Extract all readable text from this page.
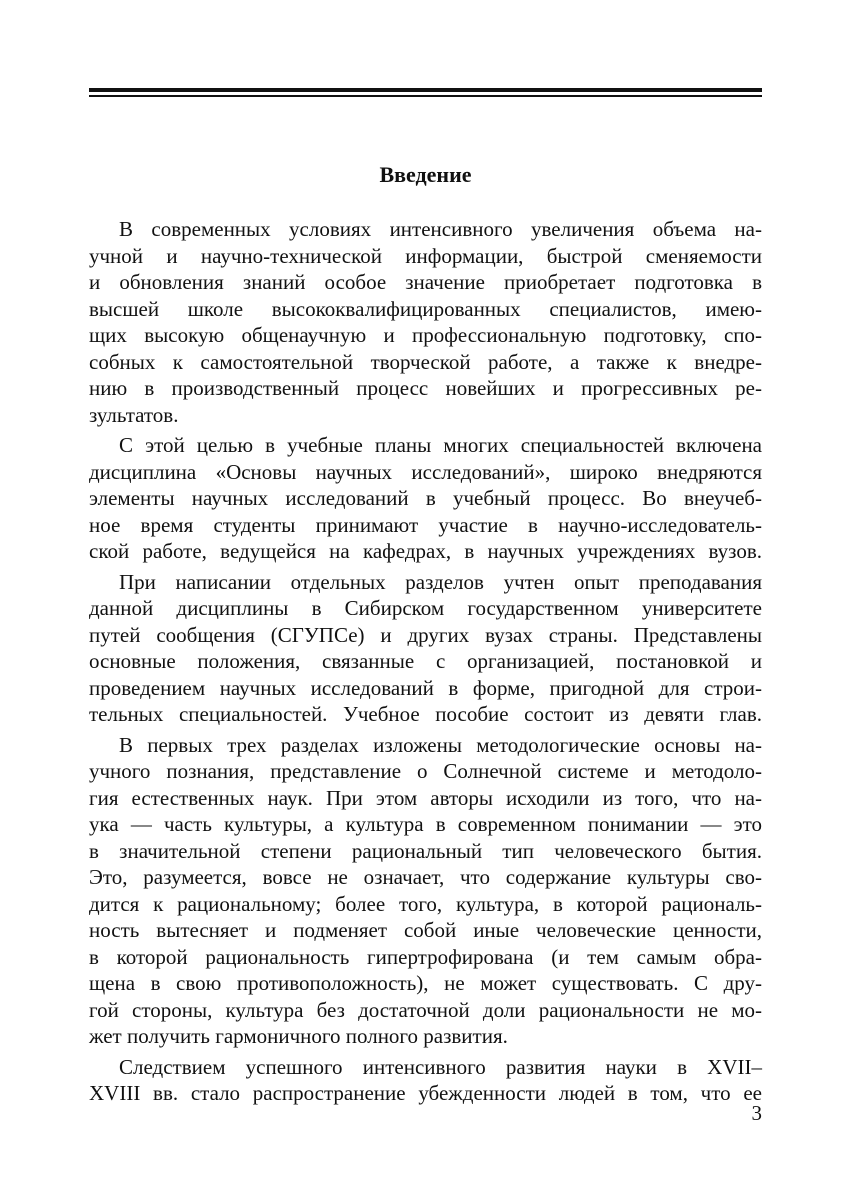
Введение
В современных условиях интенсивного увеличения объема на-
учной и научно-технической информации, быстрой сменяемости
и обновления знаний особое значение приобретает подготовка в
высшей школе высококвалифицированных специалистов, имею-
щих высокую общенаучную и профессиональную подготовку, спо-
собных к самостоятельной творческой работе, а также к внедре-
нию в производственный процесс новейших и прогрессивных ре-
зультатов.
С этой целью в учебные планы многих специальностей включена
дисциплина «Основы научных исследований», широко внедряются
элементы научных исследований в учебный процесс. Во внеучеб-
ное время студенты принимают участие в научно-исследователь-
ской работе, ведущейся на кафедрах, в научных учреждениях вузов.
При написании отдельных разделов учтен опыт преподавания
данной дисциплины в Сибирском государственном университете
путей сообщения (СГУПСе) и других вузах страны. Представлены
основные положения, связанные с организацией, постановкой и
проведением научных исследований в форме, пригодной для строи-
тельных специальностей. Учебное пособие состоит из девяти глав.
В первых трех разделах изложены методологические основы на-
учного познания, представление о Солнечной системе и методоло-
гия естественных наук. При этом авторы исходили из того, что на-
ука — часть культуры, а культура в современном понимании — это
в значительной степени рациональный тип человеческого бытия.
Это, разумеется, вовсе не означает, что содержание культуры сво-
дится к рациональному; более того, культура, в которой рациональ-
ность вытесняет и подменяет собой иные человеческие ценности,
в которой рациональность гипертрофирована (и тем самым обра-
щена в свою противоположность), не может существовать. С дру-
гой стороны, культура без достаточной доли рациональности не мо-
жет получить гармоничного полного развития.
Следствием успешного интенсивного развития науки в XVII–
XVIII вв. стало распространение убежденности людей в том, что ее
3
